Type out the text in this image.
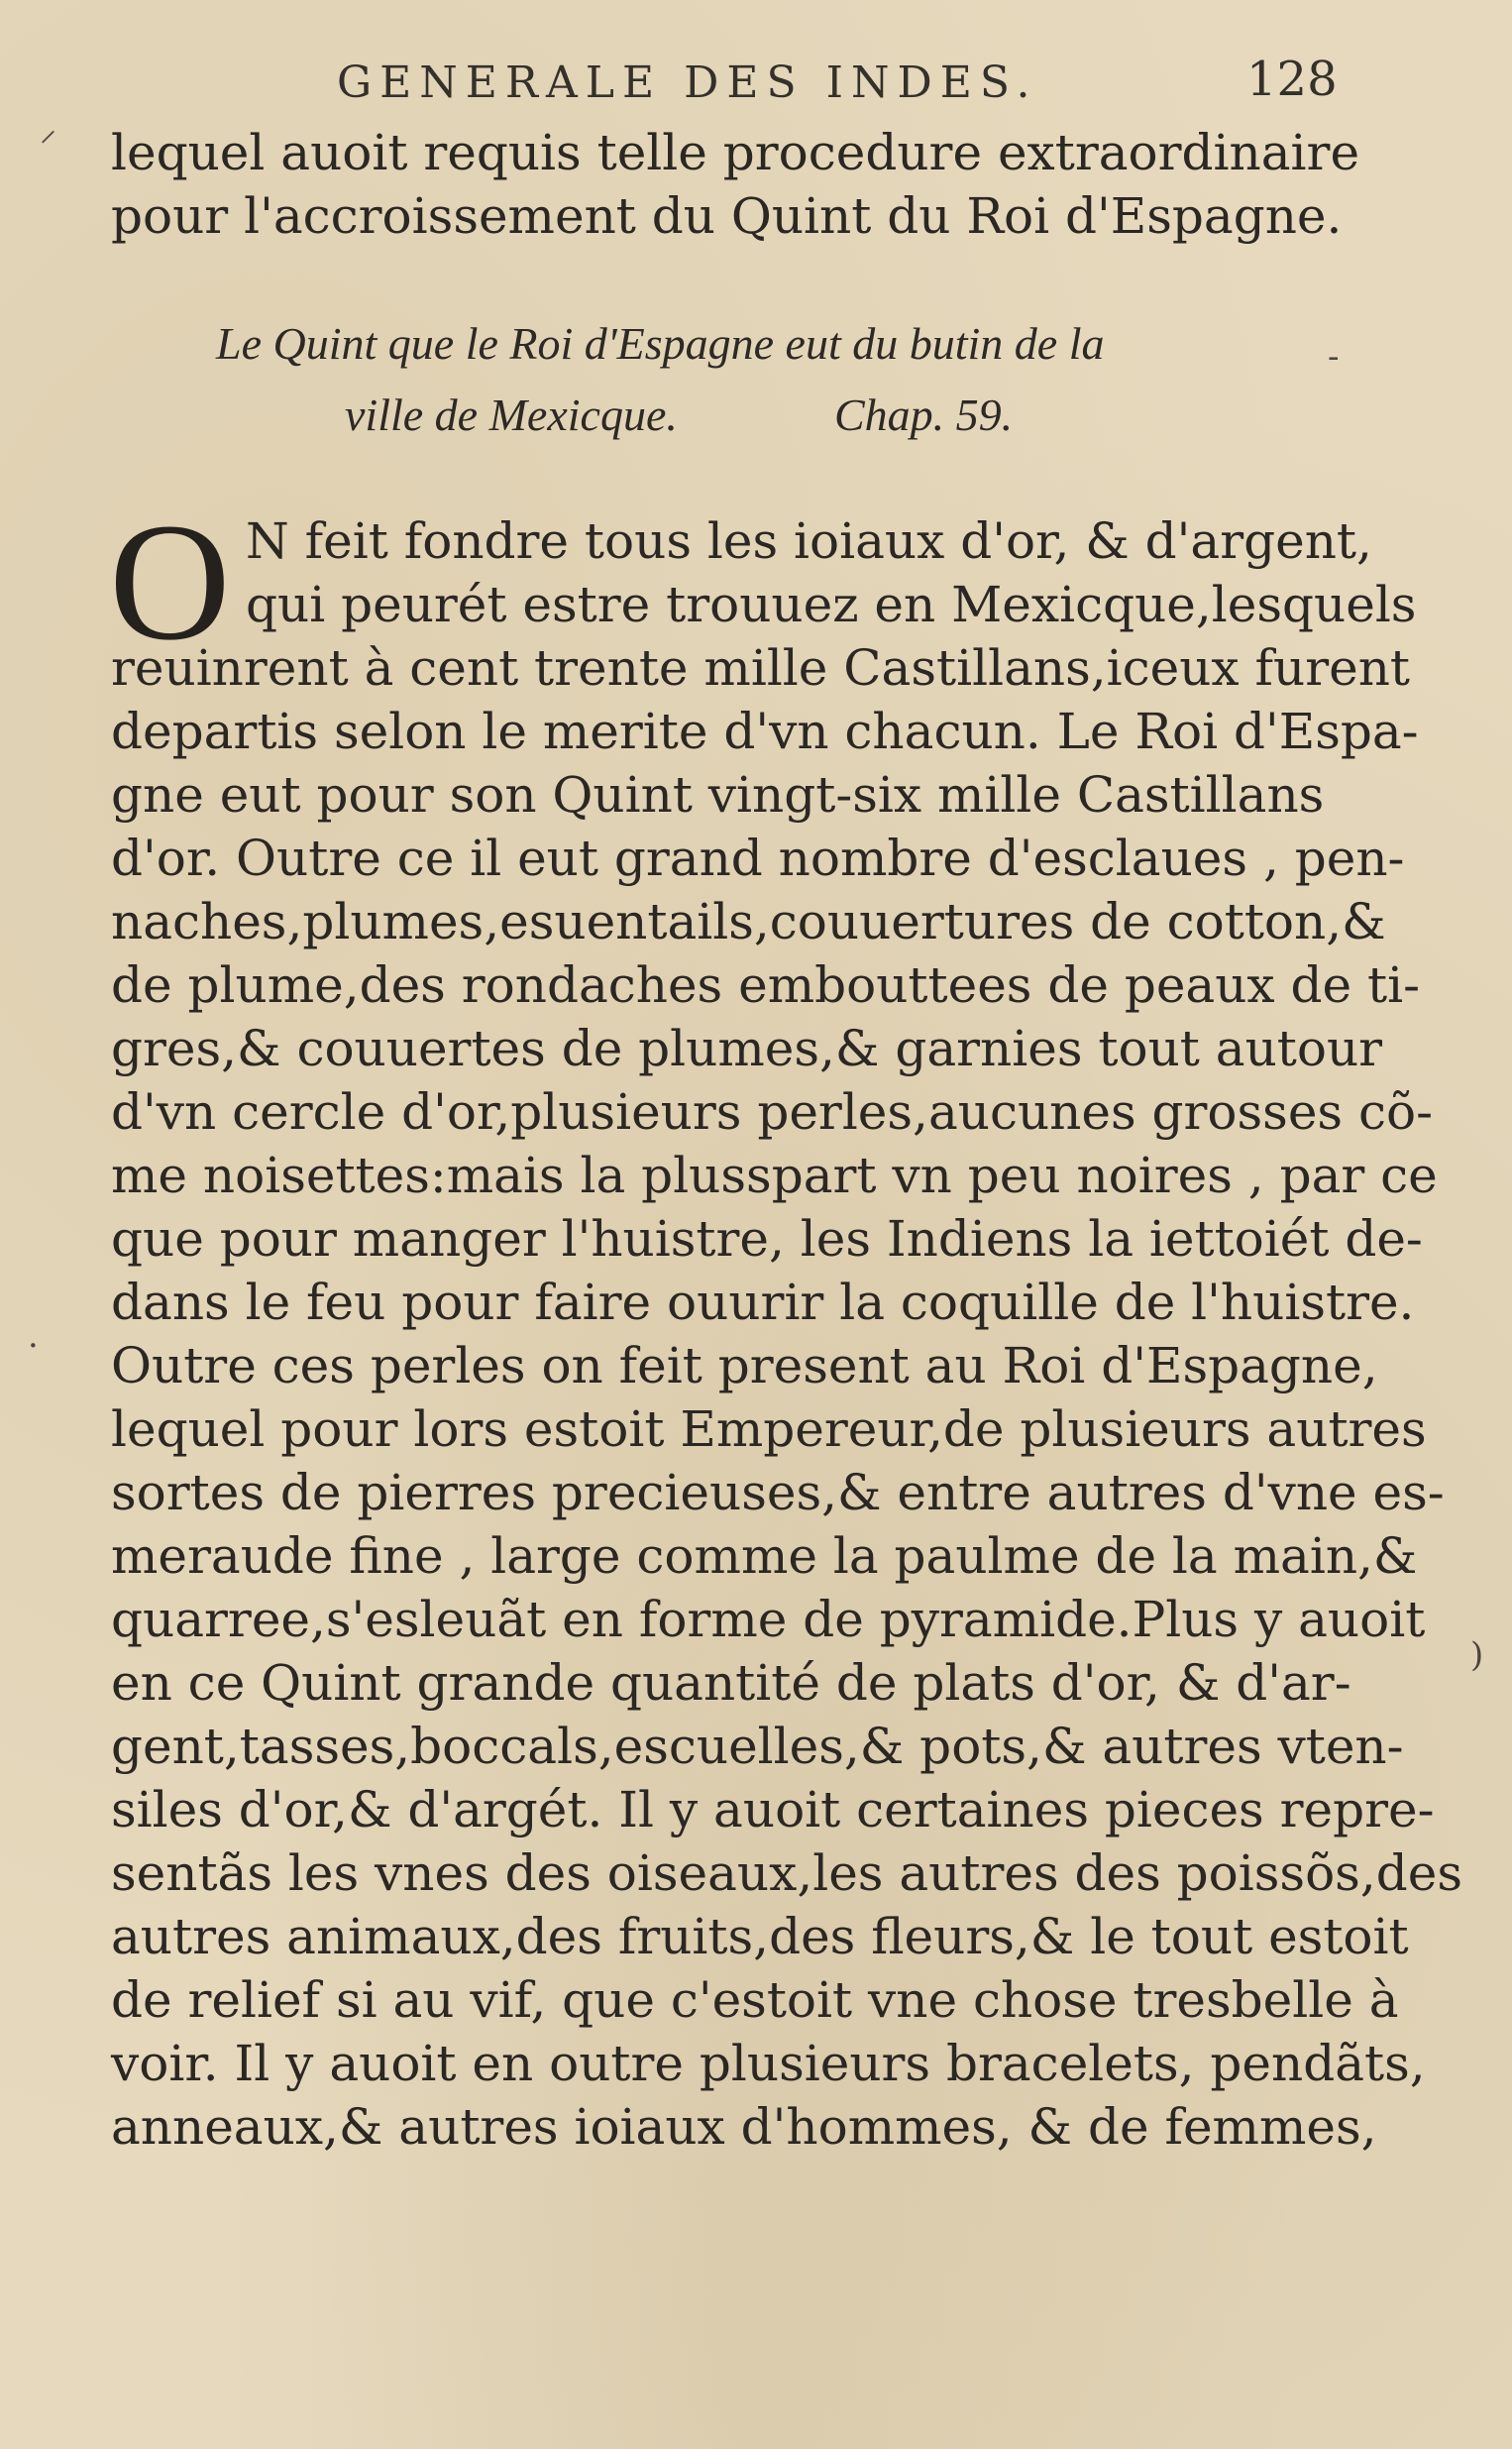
GENERALE DES INDES.	128
⸍
·
-
)
lequel auoit requis telle procedure extraordinaire
pour l'accroissement du Quint du Roi d'Espagne.
Le Quint que le Roi d'Espagne eut du butin de la
ville de Mexicque.	Chap. 59.
O N feit fondre tous les ioiaux d'or, & d'argent,
qui peurét estre trouuez en Mexicque,lesquels
reuinrent à cent trente mille Castillans,iceux furent
departis selon le merite d'vn chacun. Le Roi d'Espa-
gne eut pour son Quint vingt-six mille Castillans
d'or. Outre ce il eut grand nombre d'esclaues , pen-
naches,plumes,esuentails,couuertures de cotton,&
de plume,des rondaches embouttees de peaux de ti-
gres,& couuertes de plumes,& garnies tout autour
d'vn cercle d'or,plusieurs perles,aucunes grosses cõ-
me noisettes:mais la plusspart vn peu noires , par ce
que pour manger l'huistre, les Indiens la iettoiét de-
dans le feu pour faire ouurir la coquille de l'huistre.
Outre ces perles on feit present au Roi d'Espagne,
lequel pour lors estoit Empereur,de plusieurs autres
sortes de pierres precieuses,& entre autres d'vne es-
meraude fine , large comme la paulme de la main,&
quarree,s'esleuãt en forme de pyramide.Plus y auoit
en ce Quint grande quantité de plats d'or, & d'ar-
gent,tasses,boccals,escuelles,& pots,& autres vten-
siles d'or,& d'argét. Il y auoit certaines pieces repre-
sentãs les vnes des oiseaux,les autres des poissõs,des
autres animaux,des fruits,des fleurs,& le tout estoit
de relief si au vif, que c'estoit vne chose tresbelle à
voir. Il y auoit en outre plusieurs bracelets, pendãts,
anneaux,& autres ioiaux d'hommes, & de femmes,
